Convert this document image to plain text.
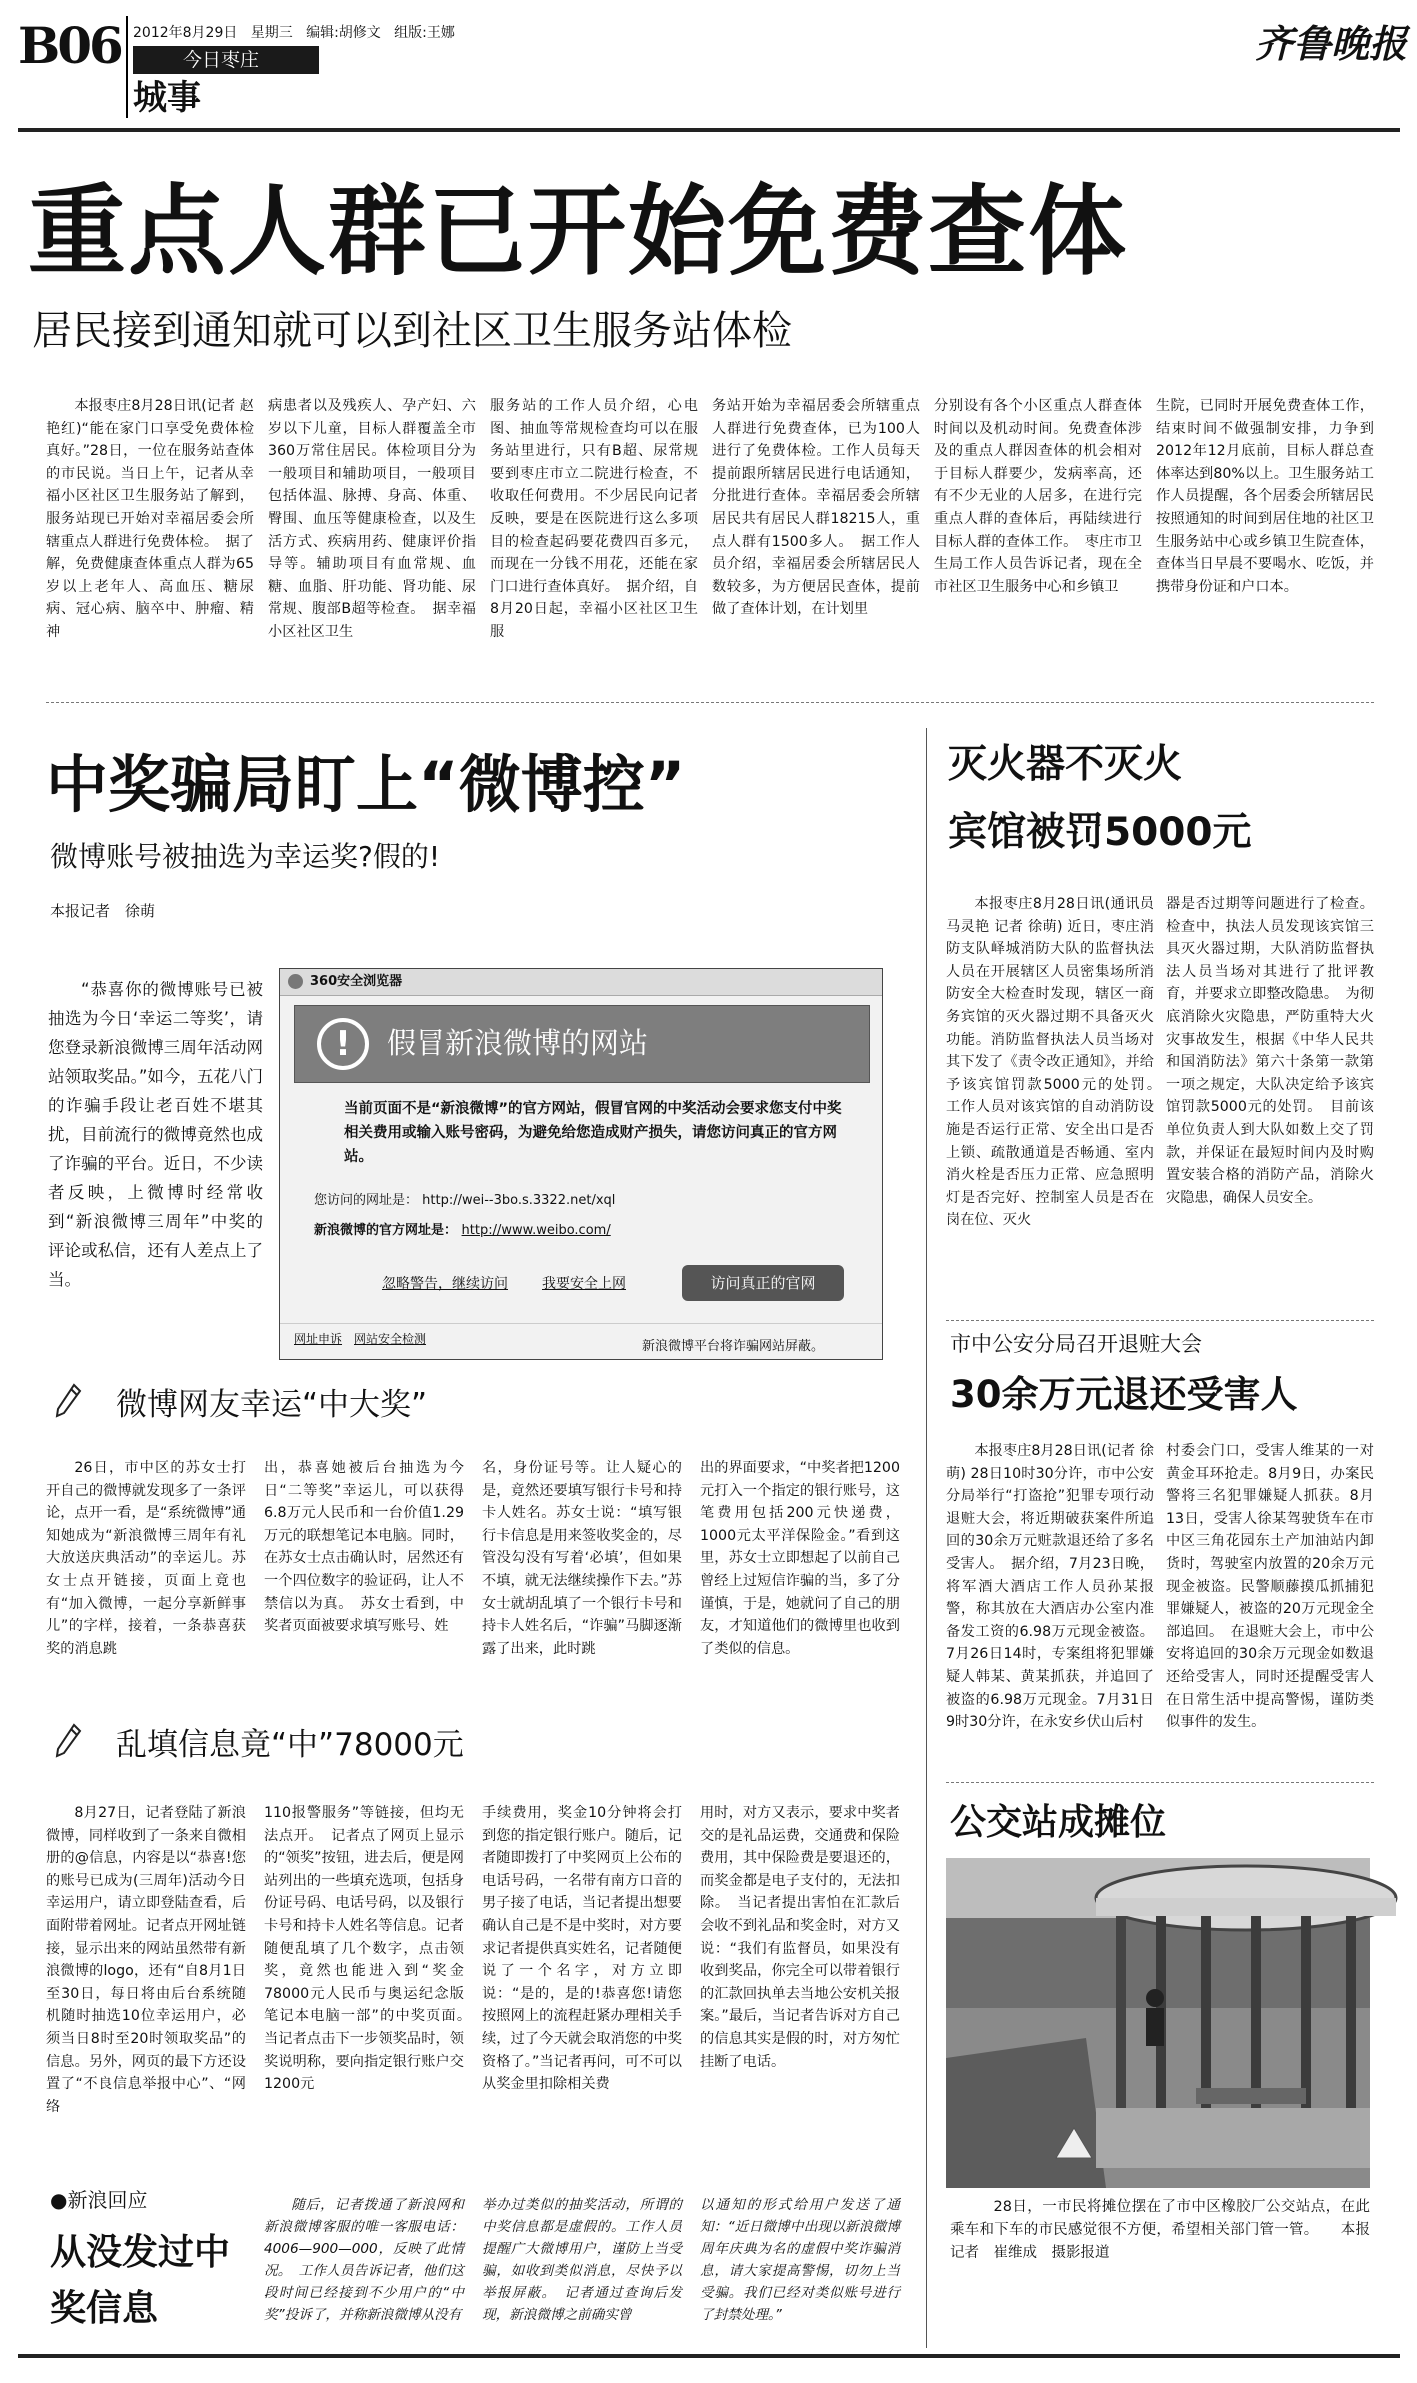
B06 2012年8月29日 星期三 编辑:胡修文 组版:王娜
今日枣庄
城事
齐鲁晚报
重点人群已开始免费查体
居民接到通知就可以到社区卫生服务站体检

本报枣庄8月28日讯(记者 赵艳红)“能在家门口享受免费体检真好。”28日，一位在服务站查体的市民说。当日上午，记者从幸福小区社区卫生服务站了解到，服务站现已开始对幸福居委会所辖重点人群进行免费体检。　据了解，免费健康查体重点人群为65岁以上老年人、高血压、糖尿病、冠心病、脑卒中、肿瘤、精神

病患者以及残疾人、孕产妇、六岁以下儿童，目标人群覆盖全市360万常住居民。体检项目分为一般项目和辅助项目，一般项目包括体温、脉搏、身高、体重、臀围、血压等健康检查，以及生活方式、疾病用药、健康评价指导等。辅助项目有血常规、血糖、血脂、肝功能、肾功能、尿常规、腹部B超等检查。　据幸福小区社区卫生

服务站的工作人员介绍，心电图、抽血等常规检查均可以在服务站里进行，只有B超、尿常规要到枣庄市立二院进行检查，不收取任何费用。不少居民向记者反映，要是在医院进行这么多项目的检查起码要花费四百多元，而现在一分钱不用花，还能在家门口进行查体真好。　据介绍，自8月20日起，幸福小区社区卫生服

务站开始为幸福居委会所辖重点人群进行免费查体，已为100人进行了免费体检。工作人员每天提前跟所辖居民进行电话通知，分批进行查体。幸福居委会所辖居民共有居民人群18215人，重点人群有1500多人。　据工作人员介绍，幸福居委会所辖居民人数较多，为方便居民查体，提前做了查体计划，在计划里

分别设有各个小区重点人群查体时间以及机动时间。免费查体涉及的重点人群因查体的机会相对于目标人群要少，发病率高，还有不少无业的人居多，在进行完重点人群的查体后，再陆续进行目标人群的查体工作。　枣庄市卫生局工作人员告诉记者，现在全市社区卫生服务中心和乡镇卫

生院，已同时开展免费查体工作，结束时间不做强制安排，力争到2012年12月底前，目标人群总查体率达到80%以上。卫生服务站工作人员提醒，各个居委会所辖居民按照通知的时间到居住地的社区卫生服务站中心或乡镇卫生院查体，查体当日早晨不要喝水、吃饭，并携带身份证和户口本。

中奖骗局盯上“微博控”
微博账号被抽选为幸运奖?假的!
本报记者　徐萌

“恭喜你的微博账号已被抽选为今日‘幸运二等奖’，请您登录新浪微博三周年活动网站领取奖品。”如今，五花八门的诈骗手段让老百姓不堪其扰，目前流行的微博竟然也成了诈骗的平台。近日，不少读者反映，上微博时经常收到“新浪微博三周年”中奖的评论或私信，还有人差点上了当。

360安全浏览器
!	假冒新浪微博的网站
当前页面不是“新浪微博”的官方网站，假冒官网的中奖活动会要求您支付中奖相关费用或输入账号密码，为避免给您造成财产损失，请您访问真正的官方网站。
您访问的网址是： http://wei--3bo.s.3322.net/xql
新浪微博的官方网址是： http://www.weibo.com/
忽略警告，继续访问 我要安全上网	访问真正的官网
网址申诉 网站安全检测	新浪微博平台将诈骗网站屏蔽。
微博网友幸运“中大奖”

26日，市中区的苏女士打开自己的微博就发现多了一条评论，点开一看，是“系统微博”通知她成为“新浪微博三周年有礼大放送庆典活动”的幸运儿。苏女士点开链接，页面上竟也有“加入微博，一起分享新鲜事儿”的字样，接着，一条恭喜获奖的消息跳

出，恭喜她被后台抽选为今日“二等奖”幸运儿，可以获得6.8万元人民币和一台价值1.29万元的联想笔记本电脑。同时，在苏女士点击确认时，居然还有一个四位数字的验证码，让人不禁信以为真。　苏女士看到，中奖者页面被要求填写账号、姓

名，身份证号等。让人疑心的是，竟然还要填写银行卡号和持卡人姓名。苏女士说：“填写银行卡信息是用来签收奖金的，尽管没勾没有写着‘必填’，但如果不填，就无法继续操作下去。”苏女士就胡乱填了一个银行卡号和持卡人姓名后，“诈骗”马脚逐渐露了出来，此时跳

出的界面要求，“中奖者把1200元打入一个指定的银行账号，这笔费用包括200元快递费，1000元太平洋保险金。”看到这里，苏女士立即想起了以前自己曾经上过短信诈骗的当，多了分谨慎，于是，她就问了自己的朋友，才知道他们的微博里也收到了类似的信息。

乱填信息竟“中”78000元

8月27日，记者登陆了新浪微博，同样收到了一条来自微相册的@信息，内容是以“恭喜!您的账号已成为(三周年)活动今日幸运用户，请立即登陆查看，后面附带着网址。记者点开网址链接，显示出来的网站虽然带有新浪微博的logo，还有“自8月1日至30日，每日将由后台系统随机随时抽选10位幸运用户，必须当日8时至20时领取奖品”的信息。另外，网页的最下方还设置了“不良信息举报中心”、“网络

110报警服务”等链接，但均无法点开。　记者点了网页上显示的“领奖”按钮，进去后，便是网站列出的一些填充选项，包括身份证号码、电话号码，以及银行卡号和持卡人姓名等信息。记者随便乱填了几个数字，点击领奖，竟然也能进入到“奖金78000元人民币与奥运纪念版笔记本电脑一部”的中奖页面。　当记者点击下一步领奖品时，领奖说明称，要向指定银行账户交1200元

手续费用，奖金10分钟将会打到您的指定银行账户。随后，记者随即拨打了中奖网页上公布的电话号码，一名带有南方口音的男子接了电话，当记者提出想要确认自己是不是中奖时，对方要求记者提供真实姓名，记者随便说了一个名字，对方立即说：“是的，是的!恭喜您!请您按照网上的流程赶紧办理相关手续，过了今天就会取消您的中奖资格了。”当记者再问，可不可以从奖金里扣除相关费

用时，对方又表示，要求中奖者交的是礼品运费，交通费和保险费用，其中保险费是要退还的，而奖金都是电子支付的，无法扣除。　当记者提出害怕在汇款后会收不到礼品和奖金时，对方又说：“我们有监督员，如果没有收到奖品，你完全可以带着银行的汇款回执单去当地公安机关报案。”最后，当记者告诉对方自己的信息其实是假的时，对方匆忙挂断了电话。

●新浪回应
从没发过中奖信息

随后，记者拨通了新浪网和新浪微博客服的唯一客服电话：4006—900—000，反映了此情况。　工作人员告诉记者，他们这段时间已经接到不少用户的“中奖”投诉了，并称新浪微博从没有

举办过类似的抽奖活动，所谓的中奖信息都是虚假的。工作人员提醒广大微博用户，谨防上当受骗，如收到类似消息，尽快予以举报屏蔽。　记者通过查询后发现，新浪微博之前确实曾

以通知的形式给用户发送了通知：“近日微博中出现以新浪微博周年庆典为名的虚假中奖诈骗消息，请大家提高警惕，切勿上当受骗。我们已经对类似账号进行了封禁处理。”

灭火器不灭火
宾馆被罚5000元

本报枣庄8月28日讯(通讯员 马灵艳 记者 徐萌) 近日，枣庄消防支队峄城消防大队的监督执法人员在开展辖区人员密集场所消防安全大检查时发现，辖区一商务宾馆的灭火器过期不具备灭火功能。消防监督执法人员当场对其下发了《责令改正通知》，并给予该宾馆罚款5000元的处罚。　工作人员对该宾馆的自动消防设施是否运行正常、安全出口是否上锁、疏散通道是否畅通、室内消火栓是否压力正常、应急照明灯是否完好、控制室人员是否在岗在位、灭火

器是否过期等问题进行了检查。检查中，执法人员发现该宾馆三具灭火器过期，大队消防监督执法人员当场对其进行了批评教育，并要求立即整改隐患。　为彻底消除火灾隐患，严防重特大火灾事故发生，根据《中华人民共和国消防法》第六十条第一款第一项之规定，大队决定给予该宾馆罚款5000元的处罚。　目前该单位负责人到大队如数上交了罚款，并保证在最短时间内及时购置安装合格的消防产品，消除火灾隐患，确保人员安全。

市中公安分局召开退赃大会
30余万元退还受害人

本报枣庄8月28日讯(记者 徐萌) 28日10时30分许，市中公安分局举行“打盗抢”犯罪专项行动退赃大会，将近期破获案件所追回的30余万元赃款退还给了多名受害人。　据介绍，7月23日晚，将军酒大酒店工作人员孙某报警，称其放在大酒店办公室内准备发工资的6.98万元现金被盗。7月26日14时，专案组将犯罪嫌疑人韩某、黄某抓获，并追回了被盗的6.98万元现金。7月31日9时30分许，在永安乡伏山后村

村委会门口，受害人维某的一对黄金耳环抢走。8月9日，办案民警将三名犯罪嫌疑人抓获。8月13日，受害人徐某驾驶货车在市中区三角花园东土产加油站内卸货时，驾驶室内放置的20余万元现金被盗。民警顺藤摸瓜抓捕犯罪嫌疑人，被盗的20万元现金全部追回。　在退赃大会上，市中公安将追回的30余万元现金如数退还给受害人，同时还提醒受害人在日常生活中提高警惕，谨防类似事件的发生。

公交站成摊位
28日，一市民将摊位摆在了市中区橡胶厂公交站点，在此乘车和下车的市民感觉很不方便，希望相关部门管一管。　　本报记者　崔维成　摄影报道
